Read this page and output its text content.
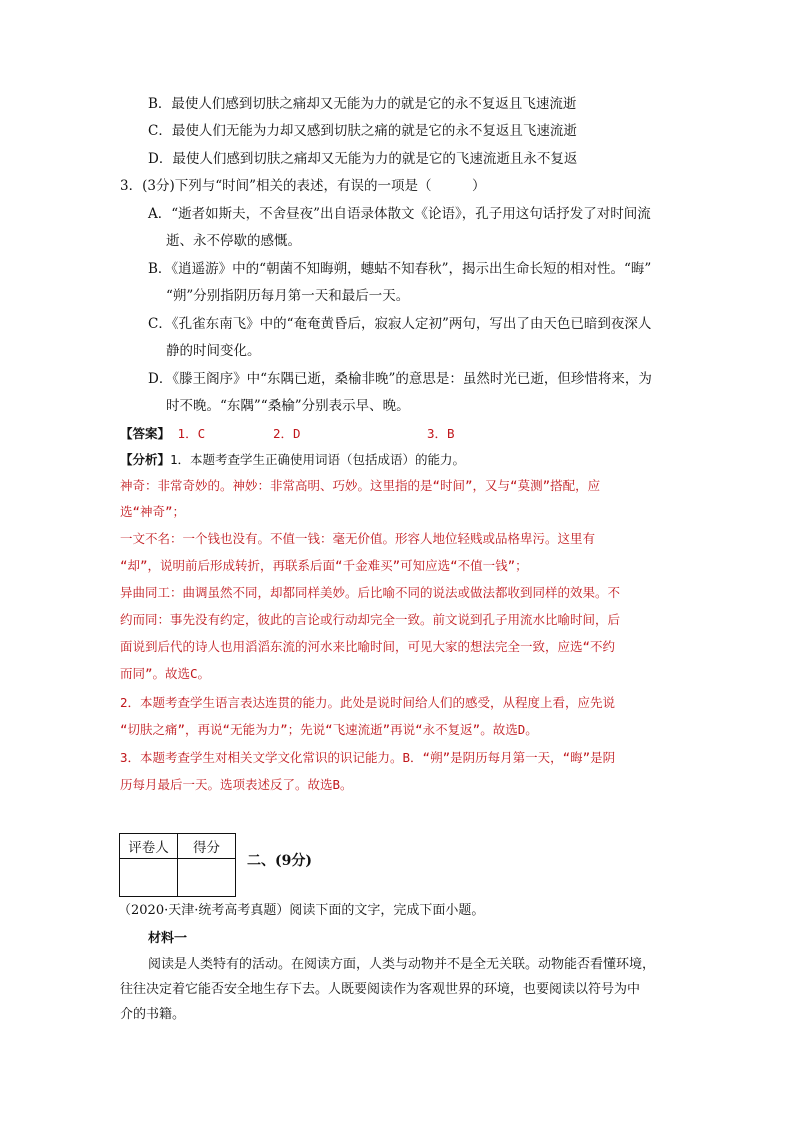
B．最使人们感到切肤之痛却又无能为力的就是它的永不复返且飞速流逝
C．最使人们无能为力却又感到切肤之痛的就是它的永不复返且飞速流逝
D．最使人们感到切肤之痛却又无能为力的就是它的飞速流逝且永不复返
3．(3分)下列与“时间”相关的表述，有误的一项是（　　　）
A．“逝者如斯夫，不舍昼夜”出自语录体散文《论语》，孔子用这句话抒发了对时间流
逝、永不停歇的感慨。
B．《逍遥游》中的“朝菌不知晦朔，蟪蛄不知春秋”，揭示出生命长短的相对性。“晦”
“朔”分别指阴历每月第一天和最后一天。
C．《孔雀东南飞》中的“奄奄黄昏后，寂寂人定初”两句，写出了由天色已暗到夜深人
静的时间变化。
D．《滕王阁序》中“东隅已逝，桑榆非晚”的意思是：虽然时光已逝，但珍惜将来，为
时不晚。“东隅”“桑榆”分别表示早、晚。
【答案】 1．C	2．D	3．B
【分析】1．本题考查学生正确使用词语（包括成语）的能力。
神奇：非常奇妙的。神妙：非常高明、巧妙。这里指的是“时间”，又与“莫测”搭配，应
选“神奇”；
一文不名：一个钱也没有。不值一钱：毫无价值。形容人地位轻贱或品格卑污。这里有
“却”，说明前后形成转折，再联系后面“千金难买”可知应选“不值一钱”；
异曲同工：曲调虽然不同，却都同样美妙。后比喻不同的说法或做法都收到同样的效果。不
约而同：事先没有约定，彼此的言论或行动却完全一致。前文说到孔子用流水比喻时间，后
面说到后代的诗人也用滔滔东流的河水来比喻时间，可见大家的想法完全一致，应选“不约
而同”。故选C。
2．本题考查学生语言表达连贯的能力。此处是说时间给人们的感受，从程度上看，应先说
“切肤之痛”，再说“无能为力”；先说“飞速流逝”再说“永不复返”。故选D。
3．本题考查学生对相关文学文化常识的识记能力。B．“朔”是阴历每月第一天，“晦”是阴
历每月最后一天。选项表述反了。故选B。
评卷人	得分

二、(9分)
（2020·天津·统考高考真题）阅读下面的文字，完成下面小题。
材料一
阅读是人类特有的活动。在阅读方面，人类与动物并不是全无关联。动物能否看懂环境，
往往决定着它能否安全地生存下去。人既要阅读作为客观世界的环境，也要阅读以符号为中
介的书籍。
